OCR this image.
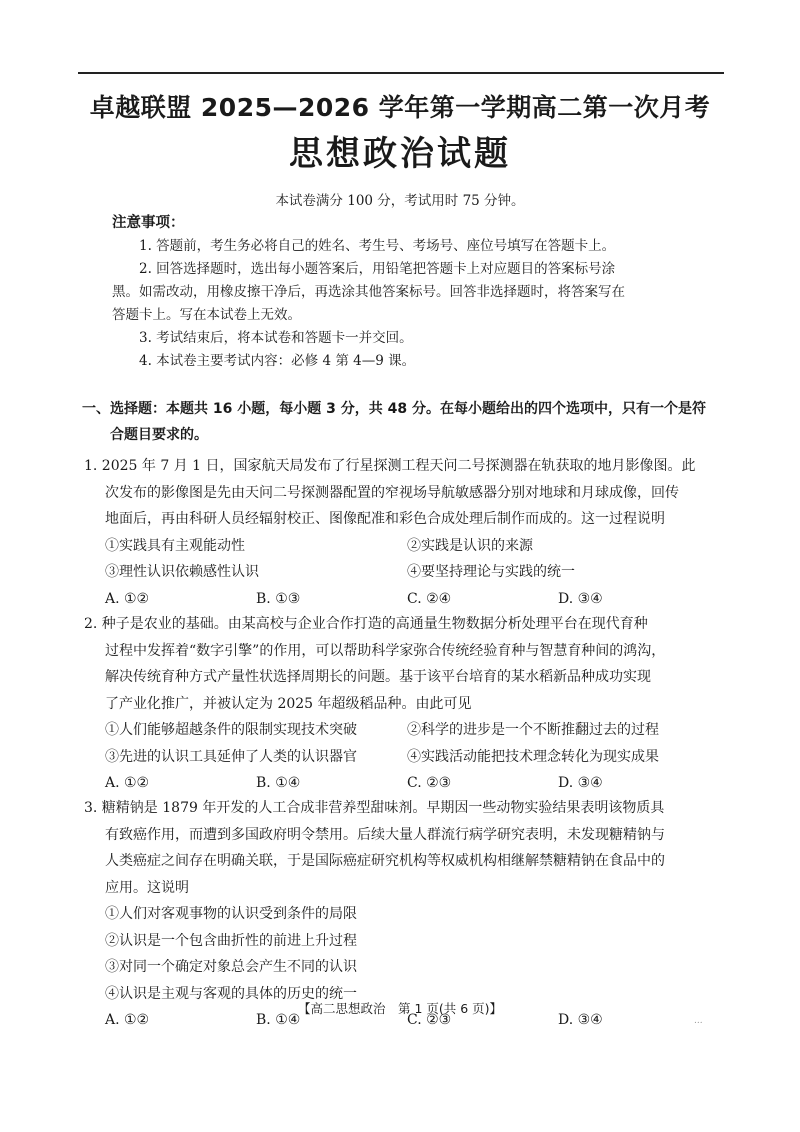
卓越联盟 2025—2026 学年第一学期高二第一次月考
思想政治试题
本试卷满分 100 分，考试用时 75 分钟。
注意事项：
1. 答题前，考生务必将自己的姓名、考生号、考场号、座位号填写在答题卡上。
2. 回答选择题时，选出每小题答案后，用铅笔把答题卡上对应题目的答案标号涂
黑。如需改动，用橡皮擦干净后，再选涂其他答案标号。回答非选择题时，将答案写在
答题卡上。写在本试卷上无效。
3. 考试结束后，将本试卷和答题卡一并交回。
4. 本试卷主要考试内容：必修 4 第 4—9 课。
一、选择题：本题共 16 小题，每小题 3 分，共 48 分。在每小题给出的四个选项中，只有一个是符
合题目要求的。
1. 2025 年 7 月 1 日，国家航天局发布了行星探测工程天问二号探测器在轨获取的地月影像图。此
次发布的影像图是先由天问二号探测器配置的窄视场导航敏感器分别对地球和月球成像，回传
地面后，再由科研人员经辐射校正、图像配准和彩色合成处理后制作而成的。这一过程说明
①实践具有主观能动性	②实践是认识的来源
③理性认识依赖感性认识	④要坚持理论与实践的统一
A. ①②	B. ①③	C. ②④	D. ③④
2. 种子是农业的基础。由某高校与企业合作打造的高通量生物数据分析处理平台在现代育种
过程中发挥着“数字引擎”的作用，可以帮助科学家弥合传统经验育种与智慧育种间的鸿沟，
解决传统育种方式产量性状选择周期长的问题。基于该平台培育的某水稻新品种成功实现
了产业化推广，并被认定为 2025 年超级稻品种。由此可见
①人们能够超越条件的限制实现技术突破	②科学的进步是一个不断推翻过去的过程
③先进的认识工具延伸了人类的认识器官	④实践活动能把技术理念转化为现实成果
A. ①②	B. ①④	C. ②③	D. ③④
3. 糖精钠是 1879 年开发的人工合成非营养型甜味剂。早期因一些动物实验结果表明该物质具
有致癌作用，而遭到多国政府明令禁用。后续大量人群流行病学研究表明，未发现糖精钠与
人类癌症之间存在明确关联，于是国际癌症研究机构等权威机构相继解禁糖精钠在食品中的
应用。这说明
①人们对客观事物的认识受到条件的局限
②认识是一个包含曲折性的前进上升过程
③对同一个确定对象总会产生不同的认识
④认识是主观与客观的具体的历史的统一
A. ①②	B. ①④	C. ②③	D. ③④
【高二思想政治　第 1 页(共 6 页)】
...
